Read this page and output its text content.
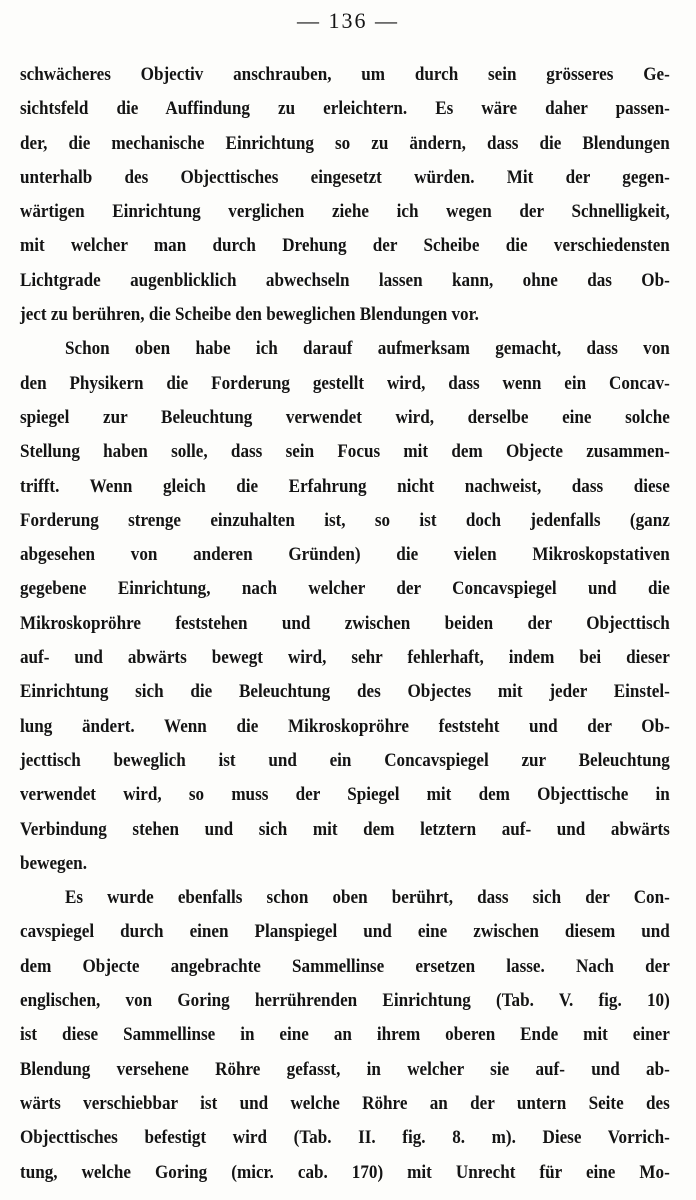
— 136 —
schwächeres Objectiv anschrauben, um durch sein grösseres Ge-
sichtsfeld die Auffindung zu erleichtern. Es wäre daher passen-
der, die mechanische Einrichtung so zu ändern, dass die Blendungen
unterhalb des Objecttisches eingesetzt würden. Mit der gegen-
wärtigen Einrichtung verglichen ziehe ich wegen der Schnelligkeit,
mit welcher man durch Drehung der Scheibe die verschiedensten
Lichtgrade augenblicklich abwechseln lassen kann, ohne das Ob-
ject zu berühren, die Scheibe den beweglichen Blendungen vor.
Schon oben habe ich darauf aufmerksam gemacht, dass von
den Physikern die Forderung gestellt wird, dass wenn ein Concav-
spiegel zur Beleuchtung verwendet wird, derselbe eine solche
Stellung haben solle, dass sein Focus mit dem Objecte zusammen-
trifft. Wenn gleich die Erfahrung nicht nachweist, dass diese
Forderung strenge einzuhalten ist, so ist doch jedenfalls (ganz
abgesehen von anderen Gründen) die vielen Mikroskopstativen
gegebene Einrichtung, nach welcher der Concavspiegel und die
Mikroskopröhre feststehen und zwischen beiden der Objecttisch
auf- und abwärts bewegt wird, sehr fehlerhaft, indem bei dieser
Einrichtung sich die Beleuchtung des Objectes mit jeder Einstel-
lung ändert. Wenn die Mikroskopröhre feststeht und der Ob-
jecttisch beweglich ist und ein Concavspiegel zur Beleuchtung
verwendet wird, so muss der Spiegel mit dem Objecttische in
Verbindung stehen und sich mit dem letztern auf- und abwärts
bewegen.
Es wurde ebenfalls schon oben berührt, dass sich der Con-
cavspiegel durch einen Planspiegel und eine zwischen diesem und
dem Objecte angebrachte Sammellinse ersetzen lasse. Nach der
englischen, von Goring herrührenden Einrichtung (Tab. V. fig. 10)
ist diese Sammellinse in eine an ihrem oberen Ende mit einer
Blendung versehene Röhre gefasst, in welcher sie auf- und ab-
wärts verschiebbar ist und welche Röhre an der untern Seite des
Objecttisches befestigt wird (Tab. II. fig. 8. m). Diese Vorrich-
tung, welche Goring (micr. cab. 170) mit Unrecht für eine Mo-
